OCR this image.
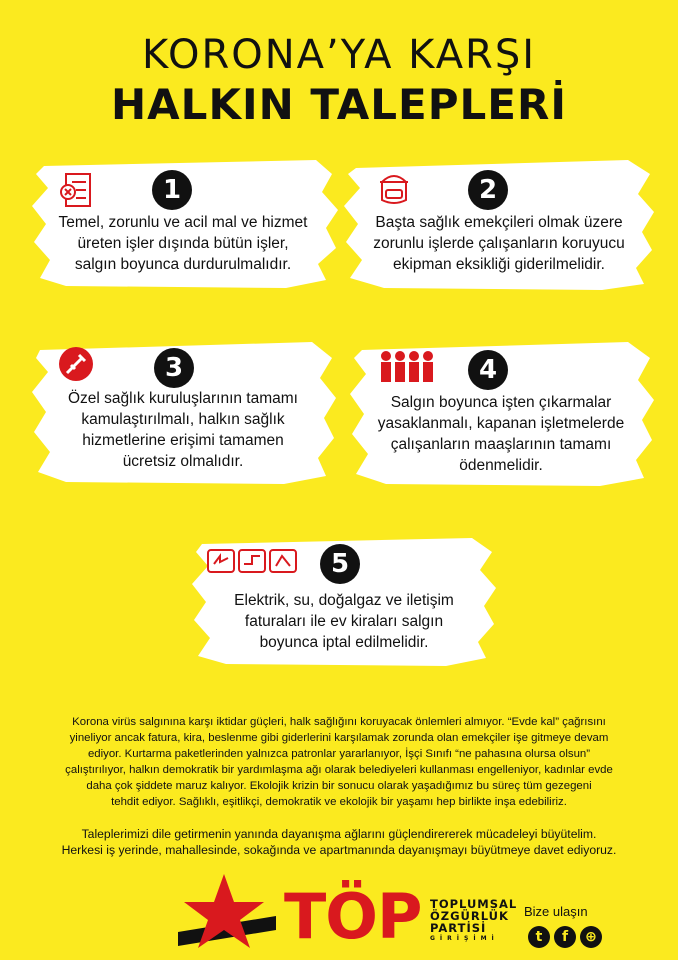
KORONA’YA KARŞI
HALKIN TALEPLERİ
1
Temel, zorunlu ve acil mal ve hizmet
üreten işler dışında bütün işler,
salgın boyunca durdurulmalıdır.
2
Başta sağlık emekçileri olmak üzere
zorunlu işlerde çalışanların koruyucu
ekipman eksikliği giderilmelidir.
3
Özel sağlık kuruluşlarının tamamı
kamulaştırılmalı, halkın sağlık
hizmetlerine erişimi tamamen
ücretsiz olmalıdır.
4
Salgın boyunca işten çıkarmalar
yasaklanmalı, kapanan işletmelerde
çalışanların maaşlarının tamamı
ödenmelidir.
5
Elektrik, su, doğalgaz ve iletişim
faturaları ile ev kiraları salgın
boyunca iptal edilmelidir.
Korona virüs salgınına karşı iktidar güçleri, halk sağlığını koruyacak önlemleri almıyor. “Evde kal” çağrısını
yineliyor ancak fatura, kira, beslenme gibi giderlerini karşılamak zorunda olan emekçiler işe gitmeye devam
ediyor. Kurtarma paketlerinden yalnızca patronlar yararlanıyor, İşçi Sınıfı “ne pahasına olursa olsun”
çalıştırılıyor, halkın demokratik bir yardımlaşma ağı olarak belediyeleri kullanması engelleniyor, kadınlar evde
daha çok şiddete maruz kalıyor. Ekolojik krizin bir sonucu olarak yaşadığımız bu süreç tüm gezegeni
tehdit ediyor. Sağlıklı, eşitlikçi, demokratik ve ekolojik bir yaşamı hep birlikte inşa edebiliriz.
Taleplerimizi dile getirmenin yanında dayanışma ağlarını güçlendirererek mücadeleyi büyütelim.
Herkesi iş yerinde, mahallesinde, sokağında ve apartmanında dayanışmayı büyütmeye davet ediyoruz.
TÖP TOPLUMSAL
ÖZGÜRLÜK
PARTİSİ
GİRİŞİMİ
Bize ulaşın
t	f	⊕
